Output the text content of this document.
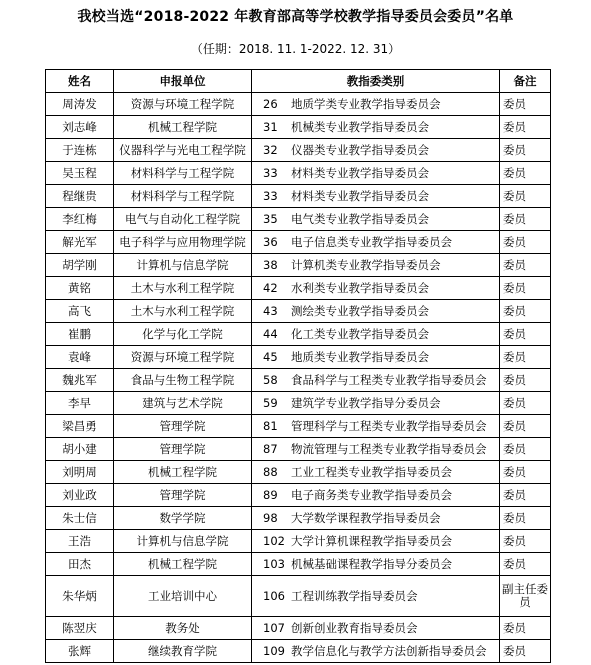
我校当选“2018-2022 年教育部高等学校教学指导委员会委员”名单
（任期：2018. 11. 1-2022. 12. 31）
姓名	申报单位	教指委类别	备注
周涛发	资源与环境工程学院	26 地质学类专业教学指导委员会	委员
刘志峰	机械工程学院	31 机械类专业教学指导委员会	委员
于连栋	仪器科学与光电工程学院	32 仪器类专业教学指导委员会	委员
吴玉程	材料科学与工程学院	33 材料类专业教学指导委员会	委员
程继贵	材料科学与工程学院	33 材料类专业教学指导委员会	委员
李红梅	电气与自动化工程学院	35 电气类专业教学指导委员会	委员
解光军	电子科学与应用物理学院	36 电子信息类专业教学指导委员会	委员
胡学刚	计算机与信息学院	38 计算机类专业教学指导委员会	委员
黄铭	土木与水利工程学院	42 水利类专业教学指导委员会	委员
高飞	土木与水利工程学院	43 测绘类专业教学指导委员会	委员
崔鹏	化学与化工学院	44 化工类专业教学指导委员会	委员
袁峰	资源与环境工程学院	45 地质类专业教学指导委员会	委员
魏兆军	食品与生物工程学院	58 食品科学与工程类专业教学指导委员会	委员
李早	建筑与艺术学院	59 建筑学专业教学指导分委员会	委员
梁昌勇	管理学院	81 管理科学与工程类专业教学指导委员会	委员
胡小建	管理学院	87 物流管理与工程类专业教学指导委员会	委员
刘明周	机械工程学院	88 工业工程类专业教学指导委员会	委员
刘业政	管理学院	89 电子商务类专业教学指导委员会	委员
朱士信	数学学院	98 大学数学课程教学指导委员会	委员
王浩	计算机与信息学院	102 大学计算机课程教学指导委员会	委员
田杰	机械工程学院	103 机械基础课程教学指导分委员会	委员
朱华炳	工业培训中心	106 工程训练教学指导委员会	副主任委员
陈翌庆	教务处	107 创新创业教育指导委员会	委员
张辉	继续教育学院	109 教学信息化与教学方法创新指导委员会	委员
